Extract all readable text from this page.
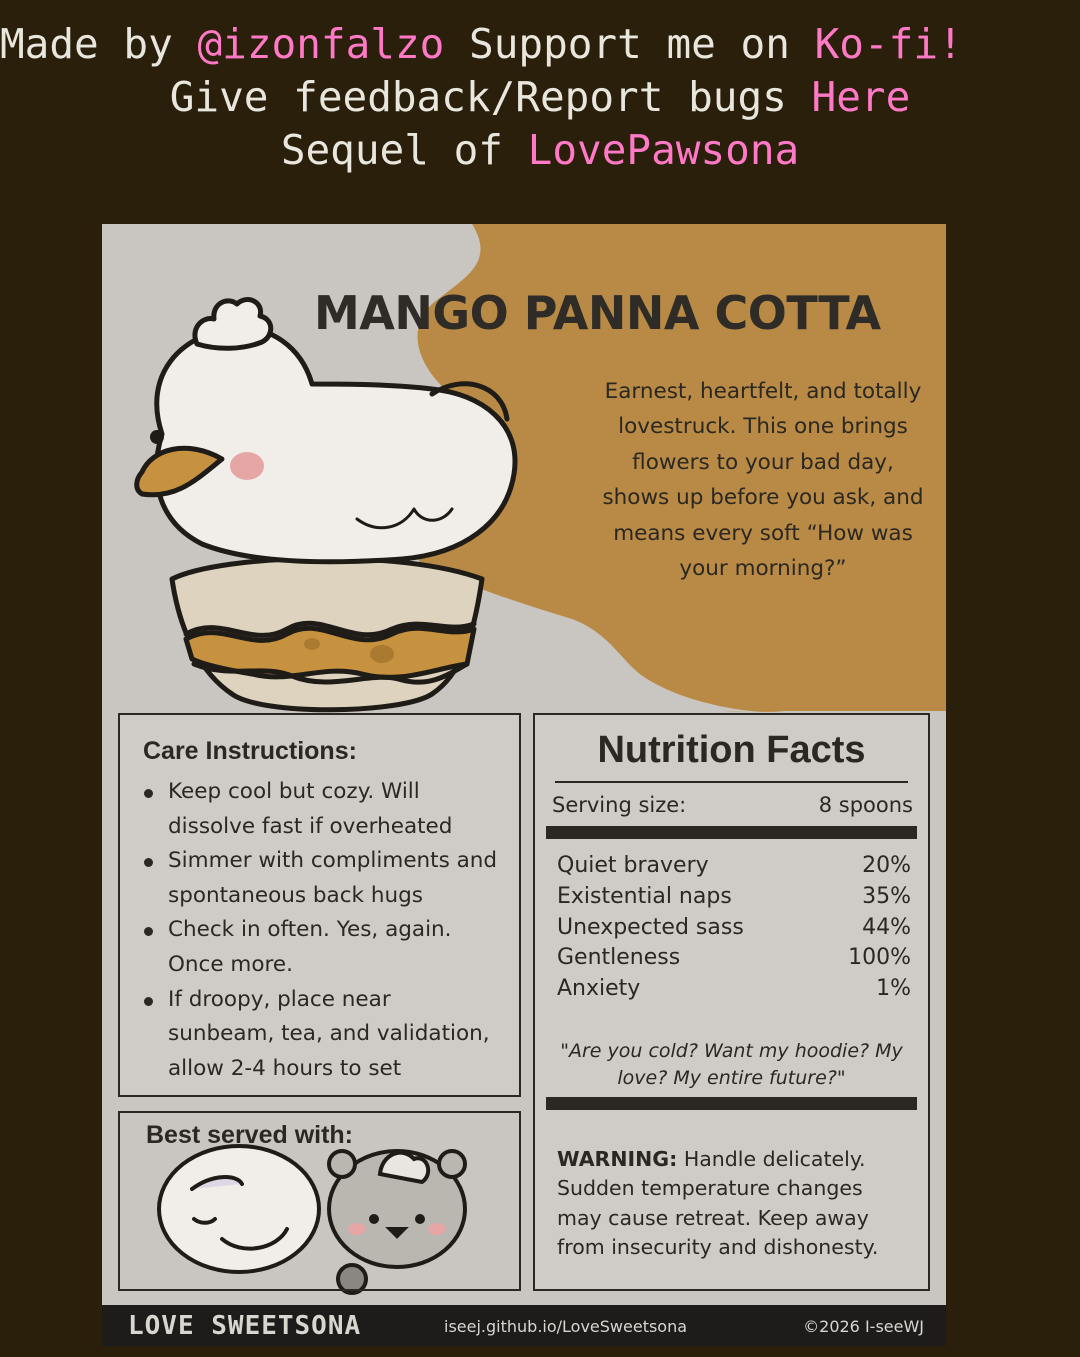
Made by @izonfalzo Support me on Ko-fi!
Give feedback/Report bugs Here
Sequel of LovePawsona
MANGO PANNA COTTA
Earnest, heartfelt, and totally lovestruck. This one brings flowers to your bad day, shows up before you ask, and means every soft “How was your morning?”
Care Instructions:
Keep cool but cozy. Will dissolve fast if overheated
Simmer with compliments and spontaneous back hugs
Check in often. Yes, again. Once more.
If droopy, place near sunbeam, tea, and validation, allow 2-4 hours to set
Best served with:
Nutrition Facts
Serving size:	8 spoons
Quiet bravery	20%
Existential naps	35%
Unexpected sass	44%
Gentleness	100%
Anxiety	1%
"Are you cold? Want my hoodie? My love? My entire future?"
WARNING: Handle delicately. Sudden temperature changes may cause retreat. Keep away from insecurity and dishonesty.
LOVE SWEETSONA	iseej.github.io/LoveSweetsona	©2026 I-seeWJ
